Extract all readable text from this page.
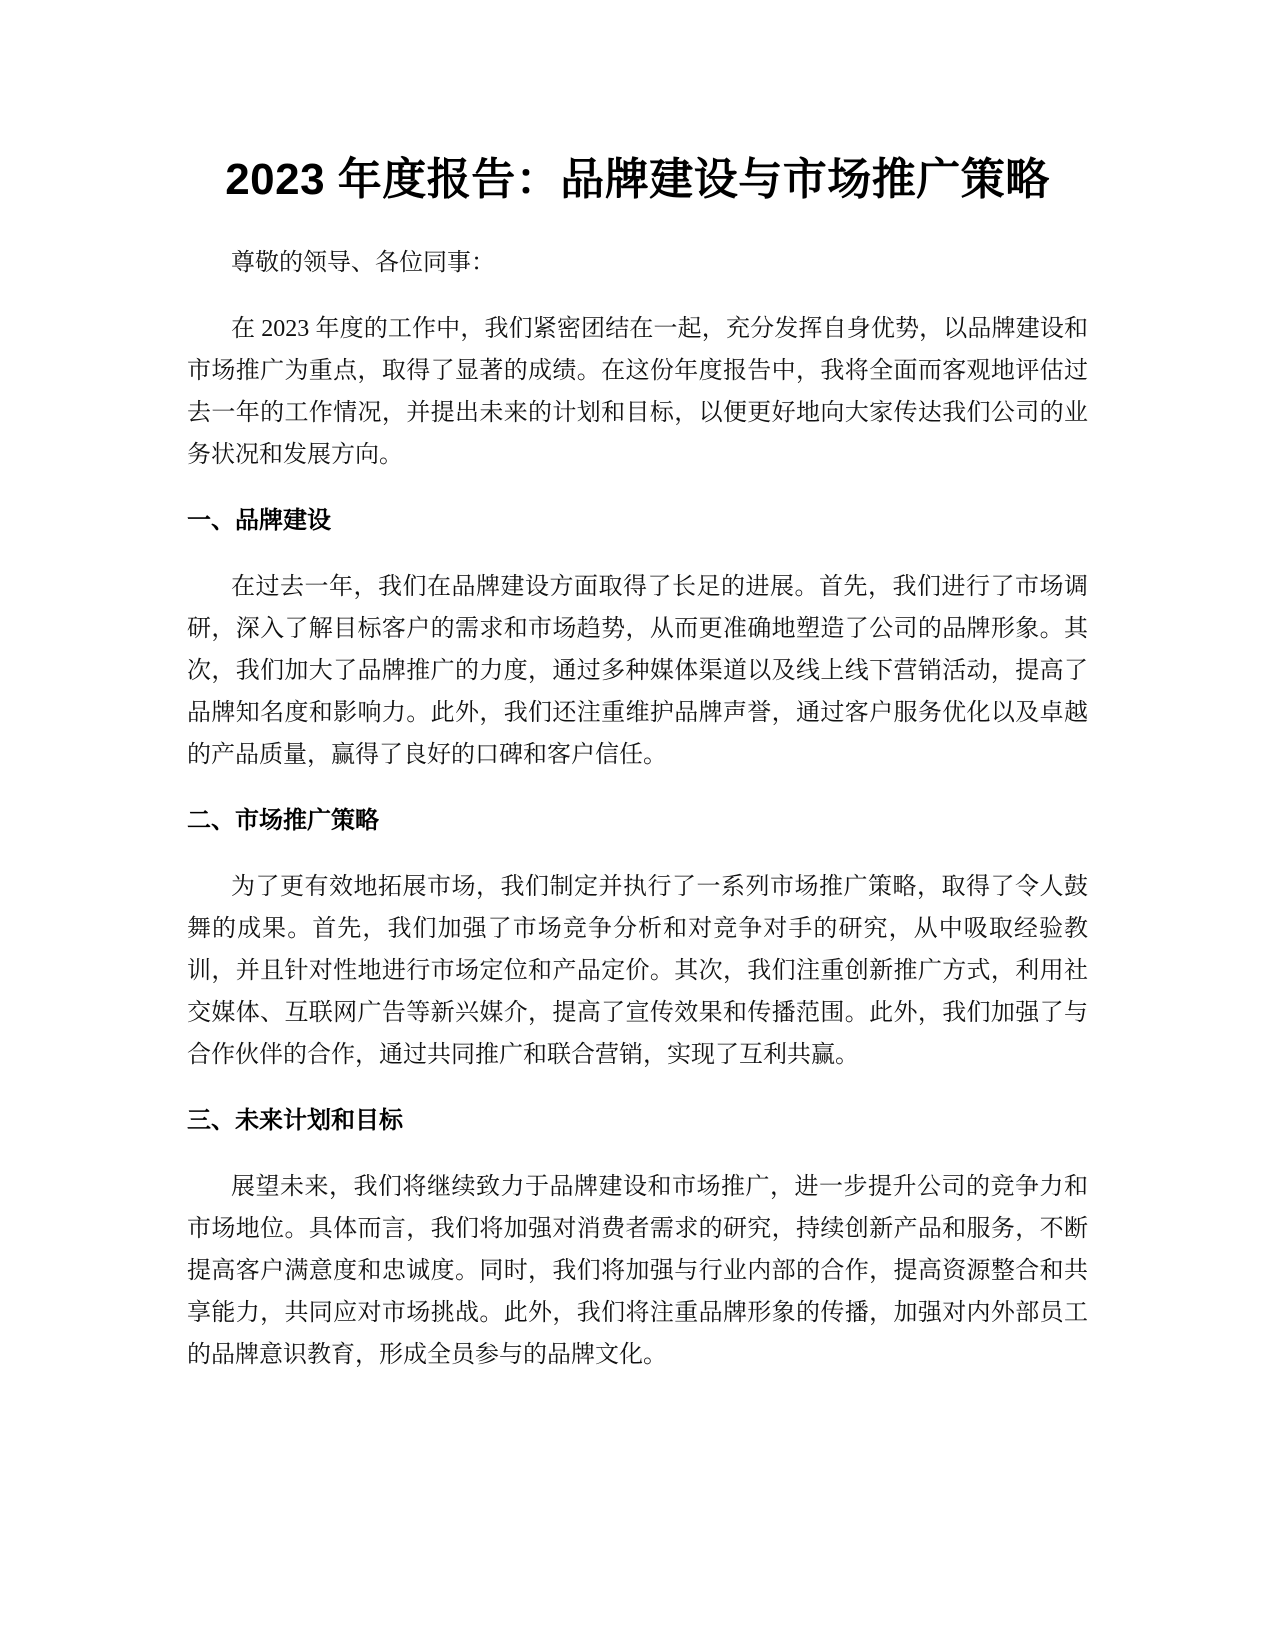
2023 年度报告：品牌建设与市场推广策略

尊敬的领导、各位同事：

在 2023 年度的工作中，我们紧密团结在一起，充分发挥自身优势，以品牌建设和市场推广为重点，取得了显著的成绩。在这份年度报告中，我将全面而客观地评估过去一年的工作情况，并提出未来的计划和目标，以便更好地向大家传达我们公司的业务状况和发展方向。

一、品牌建设

在过去一年，我们在品牌建设方面取得了长足的进展。首先，我们进行了市场调研，深入了解目标客户的需求和市场趋势，从而更准确地塑造了公司的品牌形象。其次，我们加大了品牌推广的力度，通过多种媒体渠道以及线上线下营销活动，提高了品牌知名度和影响力。此外，我们还注重维护品牌声誉，通过客户服务优化以及卓越的产品质量，赢得了良好的口碑和客户信任。

二、市场推广策略

为了更有效地拓展市场，我们制定并执行了一系列市场推广策略，取得了令人鼓舞的成果。首先，我们加强了市场竞争分析和对竞争对手的研究，从中吸取经验教训，并且针对性地进行市场定位和产品定价。其次，我们注重创新推广方式，利用社交媒体、互联网广告等新兴媒介，提高了宣传效果和传播范围。此外，我们加强了与合作伙伴的合作，通过共同推广和联合营销，实现了互利共赢。

三、未来计划和目标

展望未来，我们将继续致力于品牌建设和市场推广，进一步提升公司的竞争力和市场地位。具体而言，我们将加强对消费者需求的研究，持续创新产品和服务，不断提高客户满意度和忠诚度。同时，我们将加强与行业内部的合作，提高资源整合和共享能力，共同应对市场挑战。此外，我们将注重品牌形象的传播，加强对内外部员工的品牌意识教育，形成全员参与的品牌文化。
